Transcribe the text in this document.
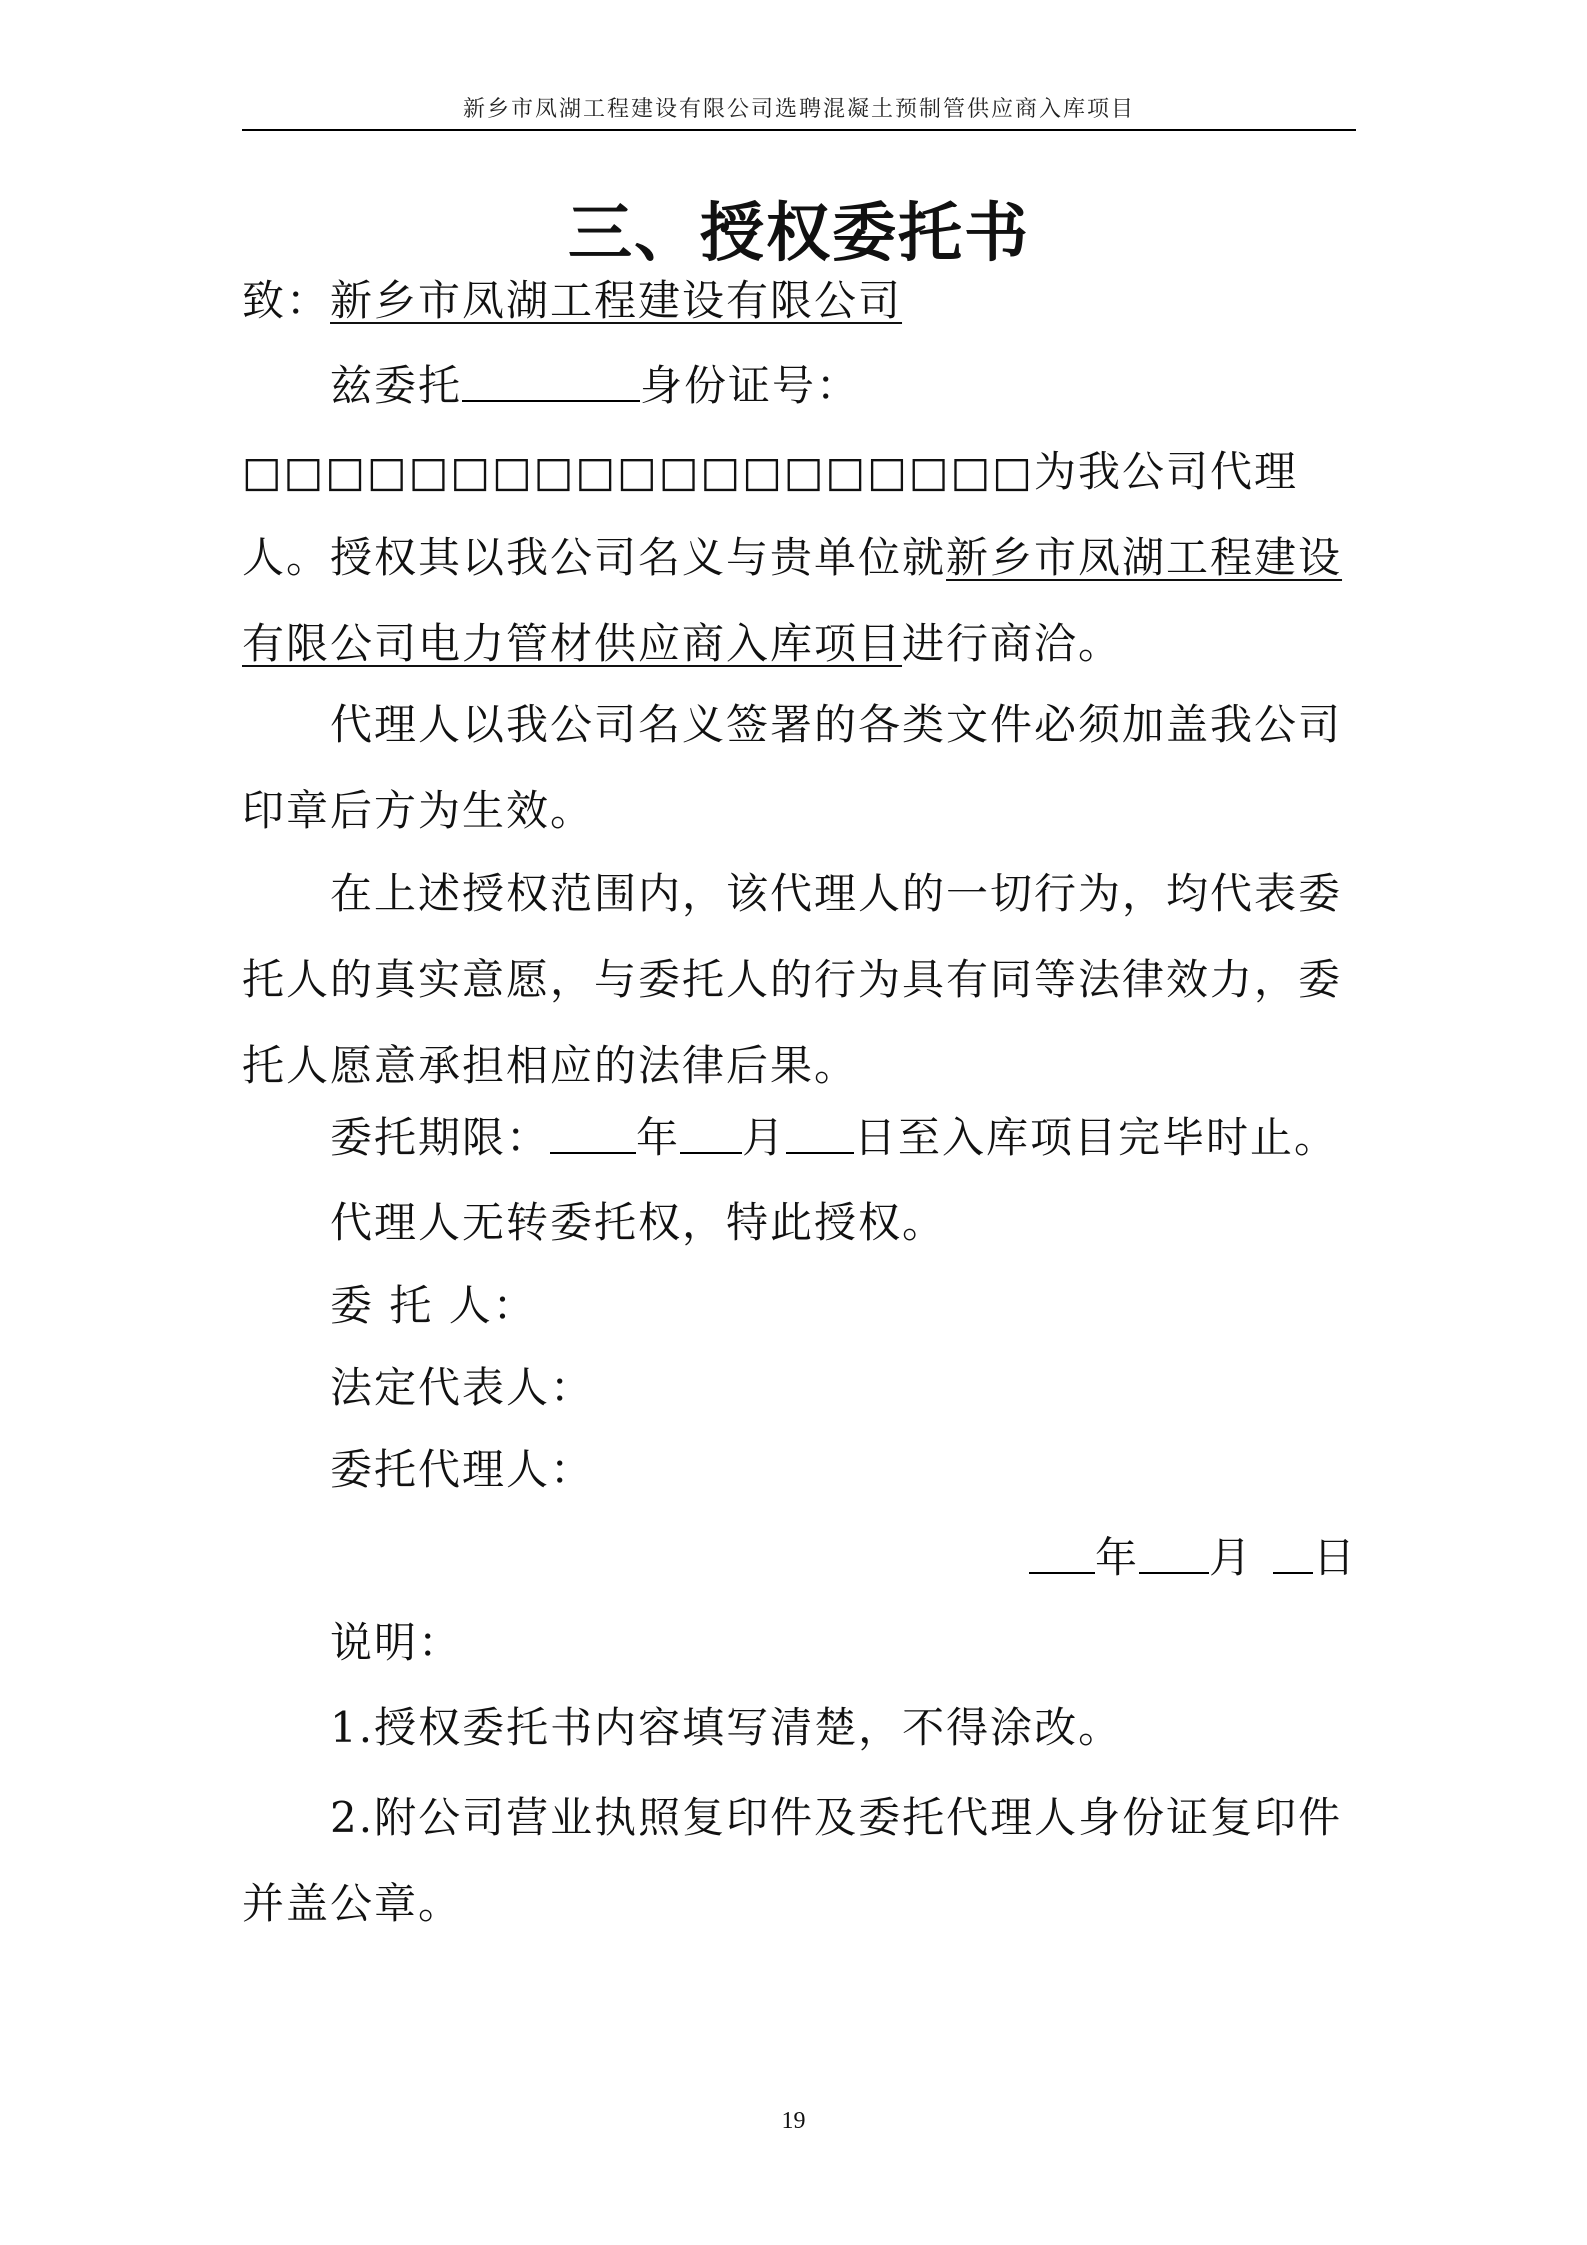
新乡市凤湖工程建设有限公司选聘混凝土预制管供应商入库项目
三、授权委托书
致：新乡市凤湖工程建设有限公司
兹委托	身份证号：□□□□□□□□□□□□□□□□□□□为我公司代理人。授权其以我公司名义与贵单位就新乡市凤湖工程建设有限公司电力管材供应商入库项目进行商洽。
代理人以我公司名义签署的各类文件必须加盖我公司印章后方为生效。
在上述授权范围内，该代理人的一切行为，均代表委托人的真实意愿，与委托人的行为具有同等法律效力，委托人愿意承担相应的法律后果。
委托期限： 年 月 日至入库项目完毕时止。
代理人无转委托权，特此授权。
委 托 人：
法定代表人：
委托代理人：
年 月 日
说明：
1.授权委托书内容填写清楚，不得涂改。
2.附公司营业执照复印件及委托代理人身份证复印件并盖公章。
19
